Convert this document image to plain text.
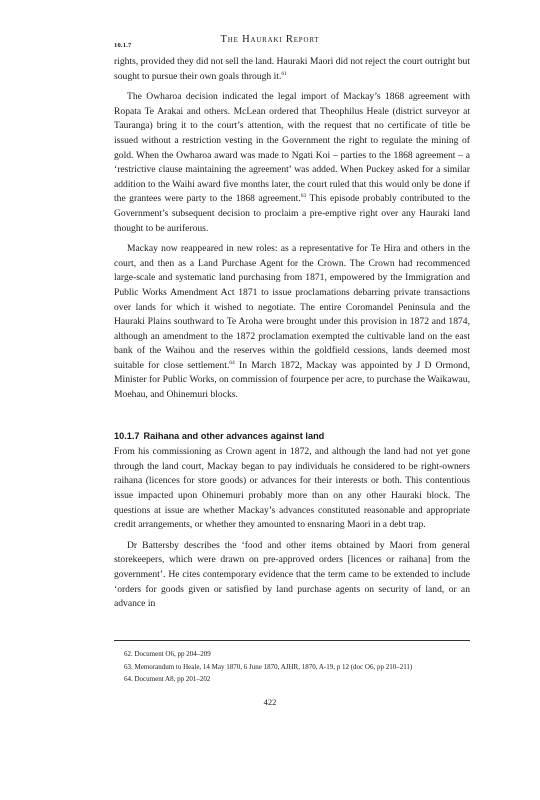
10.1.7
The Hauraki Report

rights, provided they did not sell the land. Hauraki Maori did not reject the court outright but sought to pursue their own goals through it.$^{61}$

The Owharoa decision indicated the legal import of Mackay’s 1868 agreement with Ropata Te Arakai and others. McLean ordered that Theophilus Heale (district surveyor at Tauranga) bring it to the court’s attention, with the request that no certificate of title be issued without a restriction vesting in the Government the right to regulate the mining of gold. When the Owharoa award was made to Ngati Koi – parties to the 1868 agreement – a ‘restrictive clause maintaining the agreement’ was added. When Puckey asked for a similar addition to the Waihi award five months later, the court ruled that this would only be done if the grantees were party to the 1868 agreement.$^{63}$ This episode probably contributed to the Government’s subsequent decision to proclaim a pre-emptive right over any Hauraki land thought to be auriferous.

Mackay now reappeared in new roles: as a representative for Te Hira and others in the court, and then as a Land Purchase Agent for the Crown. The Crown had recommenced large-scale and systematic land purchasing from 1871, empowered by the Immigration and Public Works Amendment Act 1871 to issue proclamations debarring private transactions over lands for which it wished to negotiate. The entire Coromandel Peninsula and the Hauraki Plains southward to Te Aroha were brought under this provision in 1872 and 1874, although an amendment to the 1872 proclamation exempted the cultivable land on the east bank of the Waihou and the reserves within the goldfield cessions, lands deemed most suitable for close settlement.$^{64}$ In March 1872, Mackay was appointed by J D Ormond, Minister for Public Works, on commission of fourpence per acre, to purchase the Waikawau, Moehau, and Ohinemuri blocks.

10.1.7 Raihana and other advances against land

From his commissioning as Crown agent in 1872, and although the land had not yet gone through the land court, Mackay began to pay individuals he considered to be right-owners raihana (licences for store goods) or advances for their interests or both. This contentious issue impacted upon Ohinemuri probably more than on any other Hauraki block. The questions at issue are whether Mackay’s advances constituted reasonable and appropriate credit arrangements, or whether they amounted to ensnaring Maori in a debt trap.

Dr Battersby describes the ‘food and other items obtained by Maori from general storekeepers, which were drawn on pre-approved orders [licences or raihana] from the government’. He cites contemporary evidence that the term came to be extended to include ‘orders for goods given or satisfied by land purchase agents on security of land, or an advance in

62. Document O6, pp 204–209
63. Memorandum to Heale, 14 May 1870, 6 June 1870, AJHR, 1870, A-19, p 12 (doc O6, pp 210–211)
64. Document A8, pp 201–202
422
